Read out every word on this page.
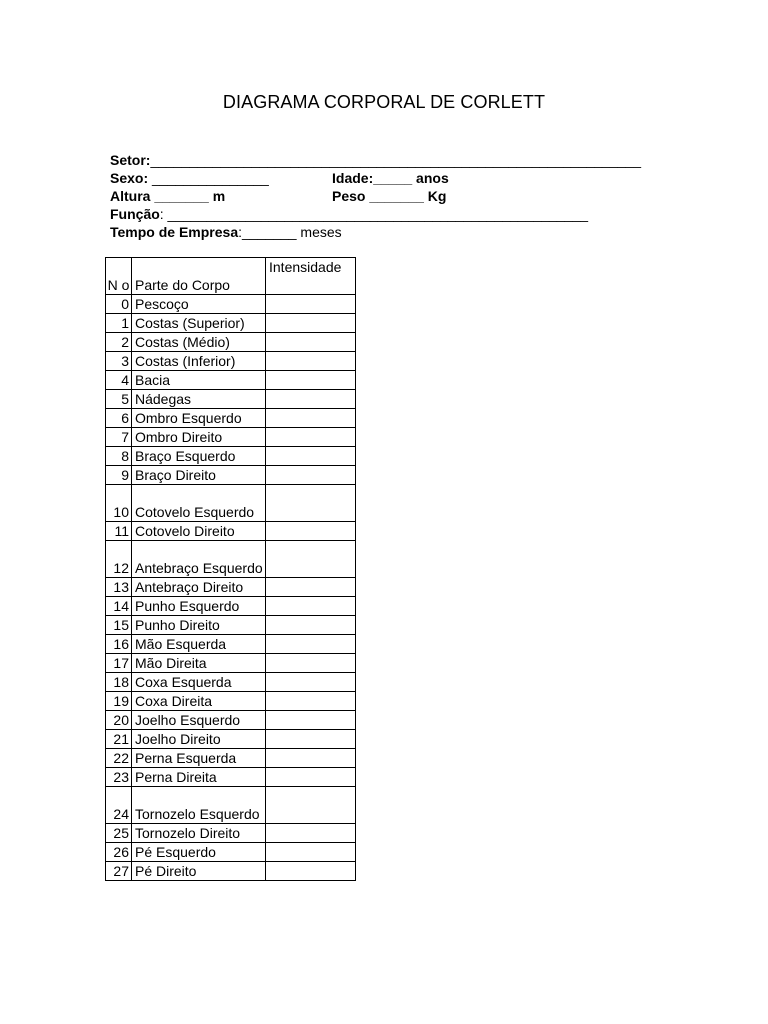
DIAGRAMA CORPORAL DE CORLETT
Setor:_______________________________________________________________
Sexo: _______________	Idade:_____ anos
Altura _______ m	Peso _______ Kg
Função: ______________________________________________________
Tempo de Empresa:_______ meses
N o	Parte do Corpo	Intensidade
0	Pescoço	
1	Costas (Superior)	
2	Costas (Médio)	
3	Costas (Inferior)	
4	Bacia	
5	Nádegas	
6	Ombro Esquerdo	
7	Ombro Direito	
8	Braço Esquerdo	
9	Braço Direito	
10	Cotovelo Esquerdo	
11	Cotovelo Direito	
12	Antebraço Esquerdo	
13	Antebraço Direito	
14	Punho Esquerdo	
15	Punho Direito	
16	Mão Esquerda	
17	Mão Direita	
18	Coxa Esquerda	
19	Coxa Direita	
20	Joelho Esquerdo	
21	Joelho Direito	
22	Perna Esquerda	
23	Perna Direita	
24	Tornozelo Esquerdo	
25	Tornozelo Direito	
26	Pé Esquerdo	
27	Pé Direito	
